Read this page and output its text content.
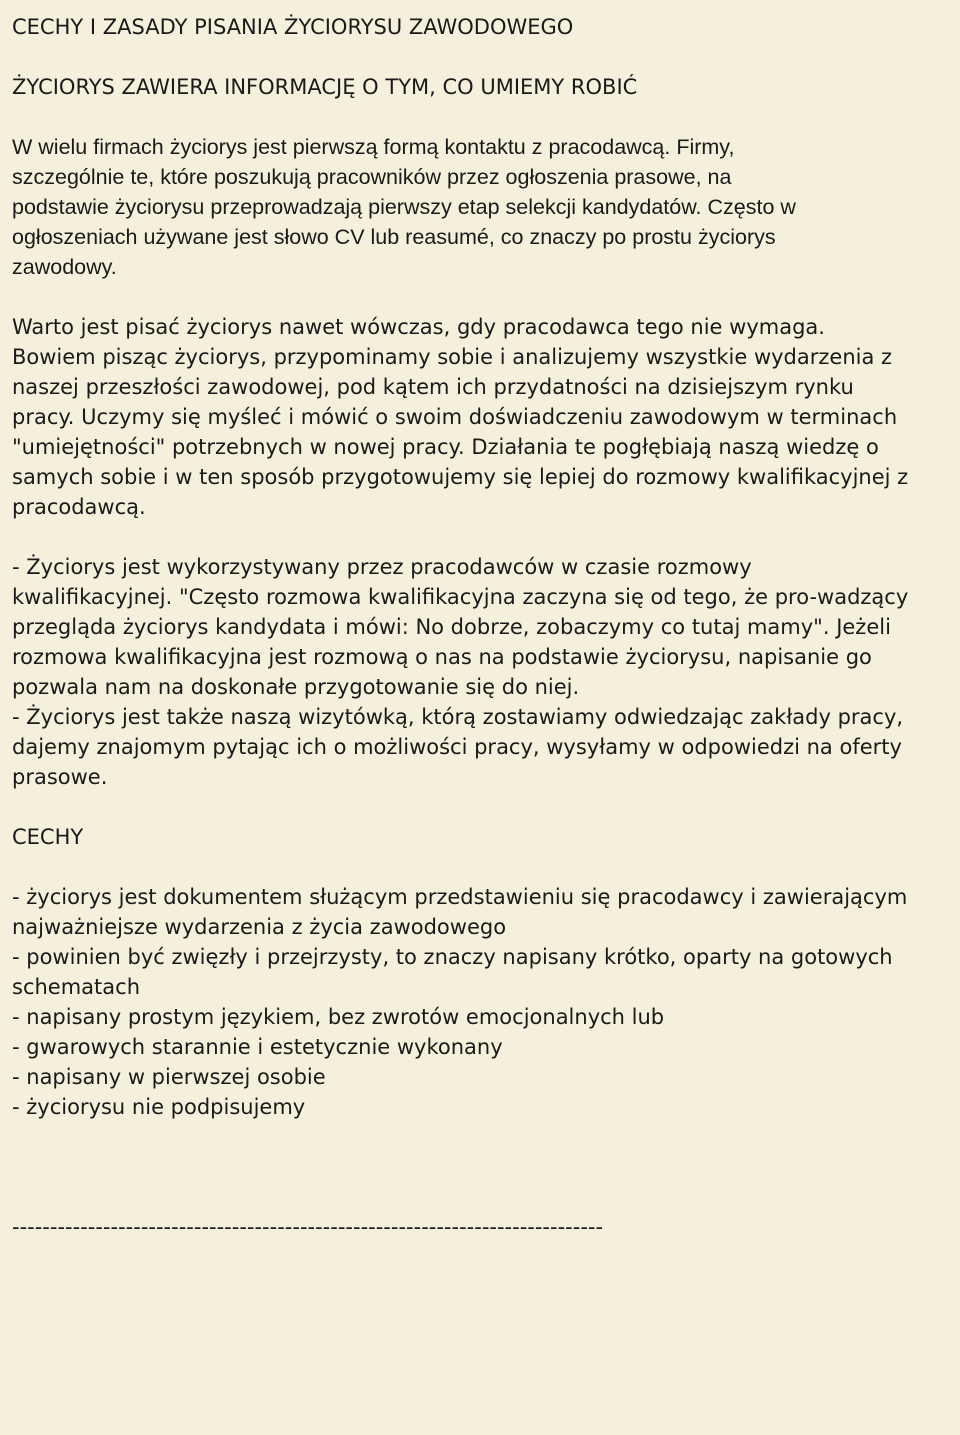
CECHY I ZASADY PISANIA ŻYCIORYSU ZAWODOWEGO

ŻYCIORYS ZAWIERA INFORMACJĘ O TYM, CO UMIEMY ROBIĆ

W wielu firmach życiorys jest pierwszą formą kontaktu z pracodawcą. Firmy,

szczególnie te, które poszukują pracowników przez ogłoszenia prasowe, na

podstawie życiorysu przeprowadzają pierwszy etap selekcji kandydatów. Często w

ogłoszeniach używane jest słowo CV lub reasumé, co znaczy po prostu życiorys

zawodowy.

Warto jest pisać życiorys nawet wówczas, gdy pracodawca tego nie wymaga.

Bowiem pisząc życiorys, przypominamy sobie i analizujemy wszystkie wydarzenia z

naszej przeszłości zawodowej, pod kątem ich przydatności na dzisiejszym rynku

pracy. Uczymy się myśleć i mówić o swoim doświadczeniu zawodowym w terminach

"umiejętności" potrzebnych w nowej pracy. Działania te pogłębiają naszą wiedzę o

samych sobie i w ten sposób przygotowujemy się lepiej do rozmowy kwalifikacyjnej z

pracodawcą.

- Życiorys jest wykorzystywany przez pracodawców w czasie rozmowy

kwalifikacyjnej. "Często rozmowa kwalifikacyjna zaczyna się od tego, że pro-wadzący

przegląda życiorys kandydata i mówi: No dobrze, zobaczymy co tutaj mamy". Jeżeli

rozmowa kwalifikacyjna jest rozmową o nas na podstawie życiorysu, napisanie go

pozwala nam na doskonałe przygotowanie się do niej.

- Życiorys jest także naszą wizytówką, którą zostawiamy odwiedzając zakłady pracy,

dajemy znajomym pytając ich o możliwości pracy, wysyłamy w odpowiedzi na oferty

prasowe.

CECHY

- życiorys jest dokumentem służącym przedstawieniu się pracodawcy i zawierającym

najważniejsze wydarzenia z życia zawodowego

- powinien być zwięzły i przejrzysty, to znaczy napisany krótko, oparty na gotowych

schematach

- napisany prostym językiem, bez zwrotów emocjonalnych lub

- gwarowych starannie i estetycznie wykonany

- napisany w pierwszej osobie

- życiorysu nie podpisujemy

------------------------------------------------------------------------------
